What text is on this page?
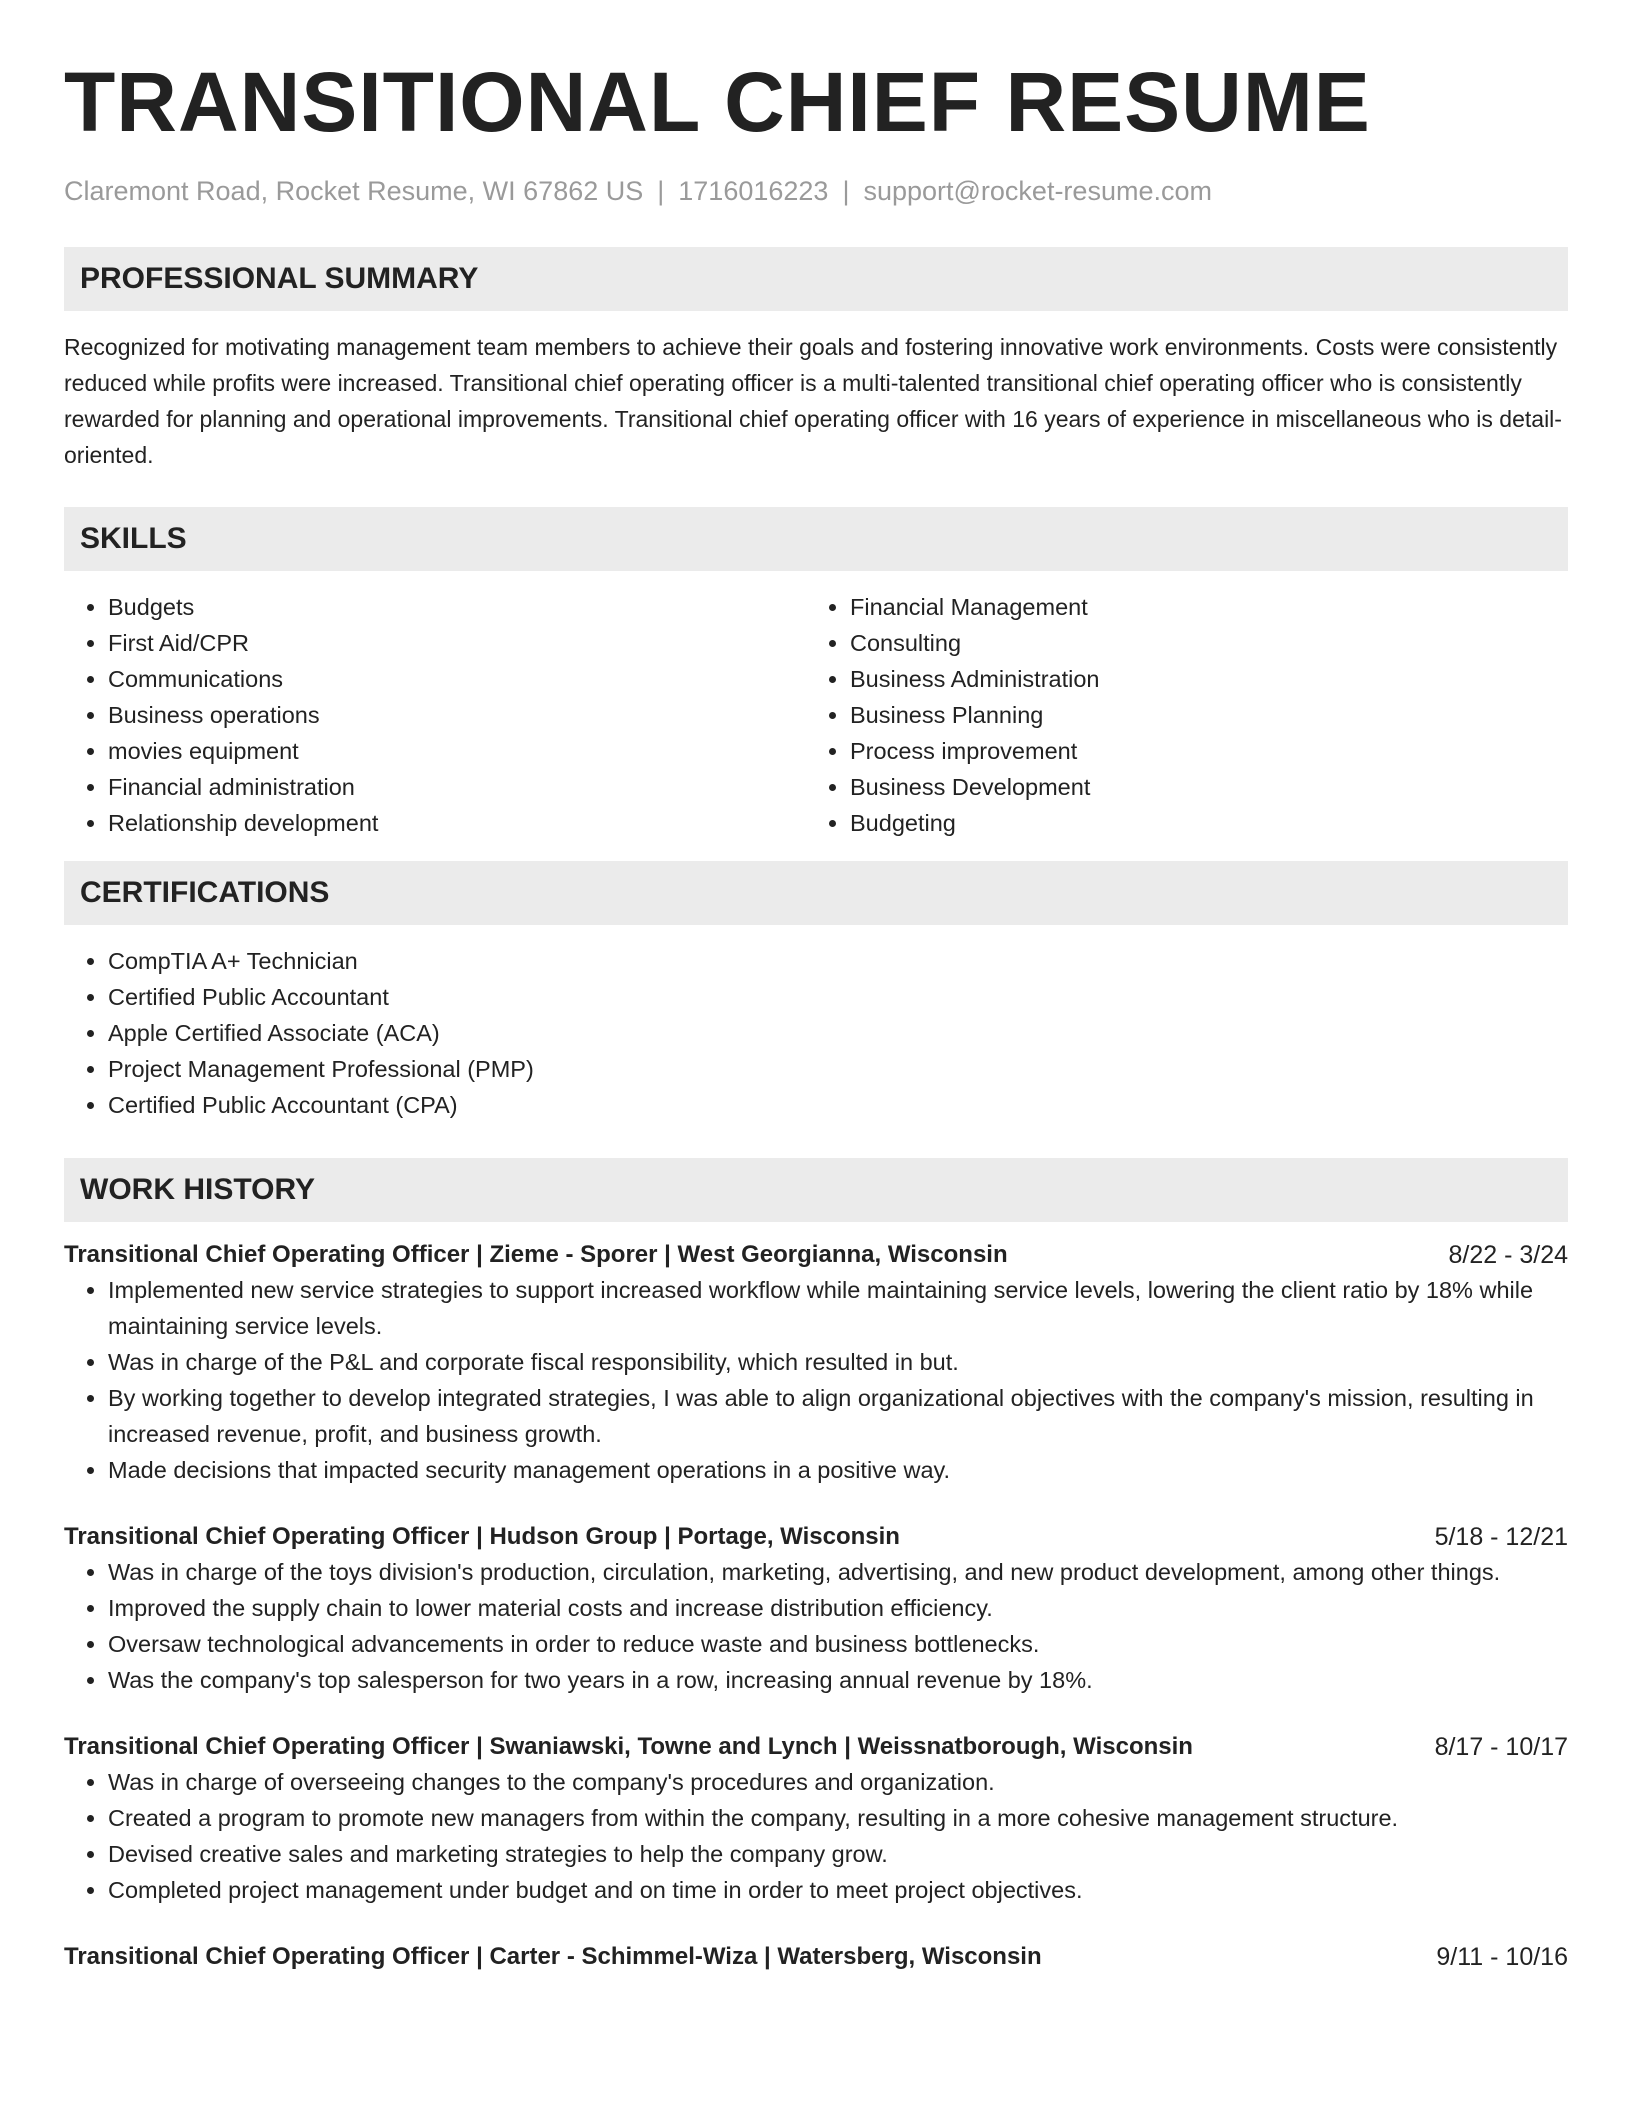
TRANSITIONAL CHIEF RESUME
Claremont Road, Rocket Resume, WI 67862 US | 1716016223 | support@rocket-resume.com
PROFESSIONAL SUMMARY

Recognized for motivating management team members to achieve their goals and fostering innovative work environments. Costs were consistently reduced while profits were increased. Transitional chief operating officer is a multi-talented transitional chief operating officer who is consistently rewarded for planning and operational improvements. Transitional chief operating officer with 16 years of experience in miscellaneous who is detail-oriented.

SKILLS
• Budgets
• First Aid/CPR
• Communications
• Business operations
• movies equipment
• Financial administration
• Relationship development
• Financial Management
• Consulting
• Business Administration
• Business Planning
• Process improvement
• Business Development
• Budgeting
CERTIFICATIONS
• CompTIA A+ Technician
• Certified Public Accountant
• Apple Certified Associate (ACA)
• Project Management Professional (PMP)
• Certified Public Accountant (CPA)
WORK HISTORY
Transitional Chief Operating Officer | Zieme - Sporer | West Georgianna, Wisconsin	8/22 - 3/24
• Implemented new service strategies to support increased workflow while maintaining service levels, lowering the client ratio by 18% while maintaining service levels.
• Was in charge of the P&L and corporate fiscal responsibility, which resulted in but.
• By working together to develop integrated strategies, I was able to align organizational objectives with the company's mission, resulting in increased revenue, profit, and business growth.
• Made decisions that impacted security management operations in a positive way.
Transitional Chief Operating Officer | Hudson Group | Portage, Wisconsin	5/18 - 12/21
• Was in charge of the toys division's production, circulation, marketing, advertising, and new product development, among other things.
• Improved the supply chain to lower material costs and increase distribution efficiency.
• Oversaw technological advancements in order to reduce waste and business bottlenecks.
• Was the company's top salesperson for two years in a row, increasing annual revenue by 18%.
Transitional Chief Operating Officer | Swaniawski, Towne and Lynch | Weissnatborough, Wisconsin	8/17 - 10/17
• Was in charge of overseeing changes to the company's procedures and organization.
• Created a program to promote new managers from within the company, resulting in a more cohesive management structure.
• Devised creative sales and marketing strategies to help the company grow.
• Completed project management under budget and on time in order to meet project objectives.
Transitional Chief Operating Officer | Carter - Schimmel-Wiza | Watersberg, Wisconsin	9/11 - 10/16
